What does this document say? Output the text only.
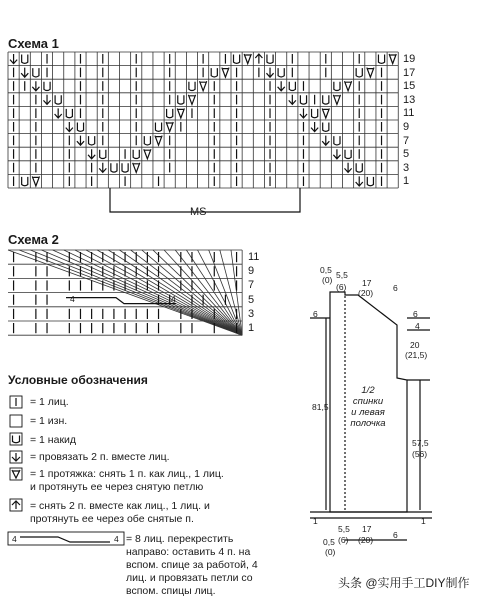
Схема 1
19
17
15
13
11
9
7
5
3
1
MS
Схема 2
11
9
7
5
3
1
4	4
Условные обозначения
= 1 лиц.
= 1 изн.
= 1 накид
= провязать 2 п. вместе лиц.
= 1 протяжка: снять 1 п. как лиц., 1 лиц. и протянуть ее через снятую петлю
= снять 2 п. вместе как лиц., 1 лиц. и протянуть ее через обе снятые п.
= 8 лиц. перекрестить направо: оставить 4 п. на вспом. спице за работой, 4 лиц. и провязать петли со вспом. спицы лиц.
4	4
0,5
(0) 5,5
(6) 17
(20) 6
6	6
4
20
(21,5)
81,5
57,5
(56)
1/2
спинки
и левая
полочка
1	1
0,5
(0)
5,5
(6)
17
(20) 6
头条 @实用手工DIY制作
